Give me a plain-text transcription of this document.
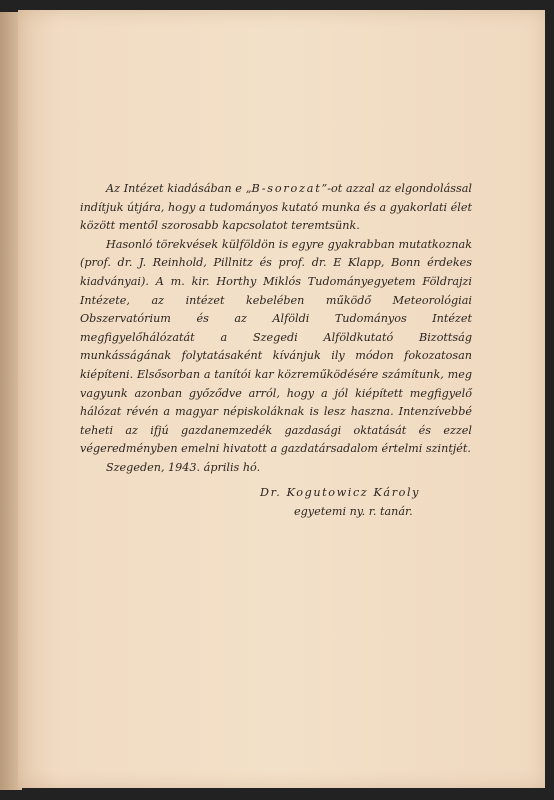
Az Intézet kiadásában e „B-sorozat”-ot azzal az elgondolással indítjuk útjára, hogy a tudományos kutató munka és a gyakorlati élet között mentől szorosabb kapcsolatot teremtsünk.

Hasonló törekvések külföldön is egyre gyakrabban mutatkoznak (prof. dr. J. Reinhold, Pillnitz és prof. dr. E Klapp, Bonn érdekes kiadványai). A m. kir. Horthy Miklós Tudományegyetem Földrajzi Intézete, az intézet kebelében működő Meteorológiai Obszervatórium és az Alföldi Tudományos Intézet megfigyelőhálózatát a Szegedi Alföldkutató Bizottság munkásságának folytatásaként kívánjuk ily módon fokozatosan kiépíteni. Elsősorban a tanítói kar közreműködésére számítunk, meg vagyunk azonban győződve arról, hogy a jól kiépített megfigyelő hálózat révén a magyar népiskoláknak is lesz haszna. Intenzívebbé teheti az ifjú gazdanemzedék gazdasági oktatását és ezzel végeredményben emelni hivatott a gazdatársadalom értelmi szintjét.

Szegeden, 1943. április hó.

Dr. Kogutowicz Károly
egyetemi ny. r. tanár.
